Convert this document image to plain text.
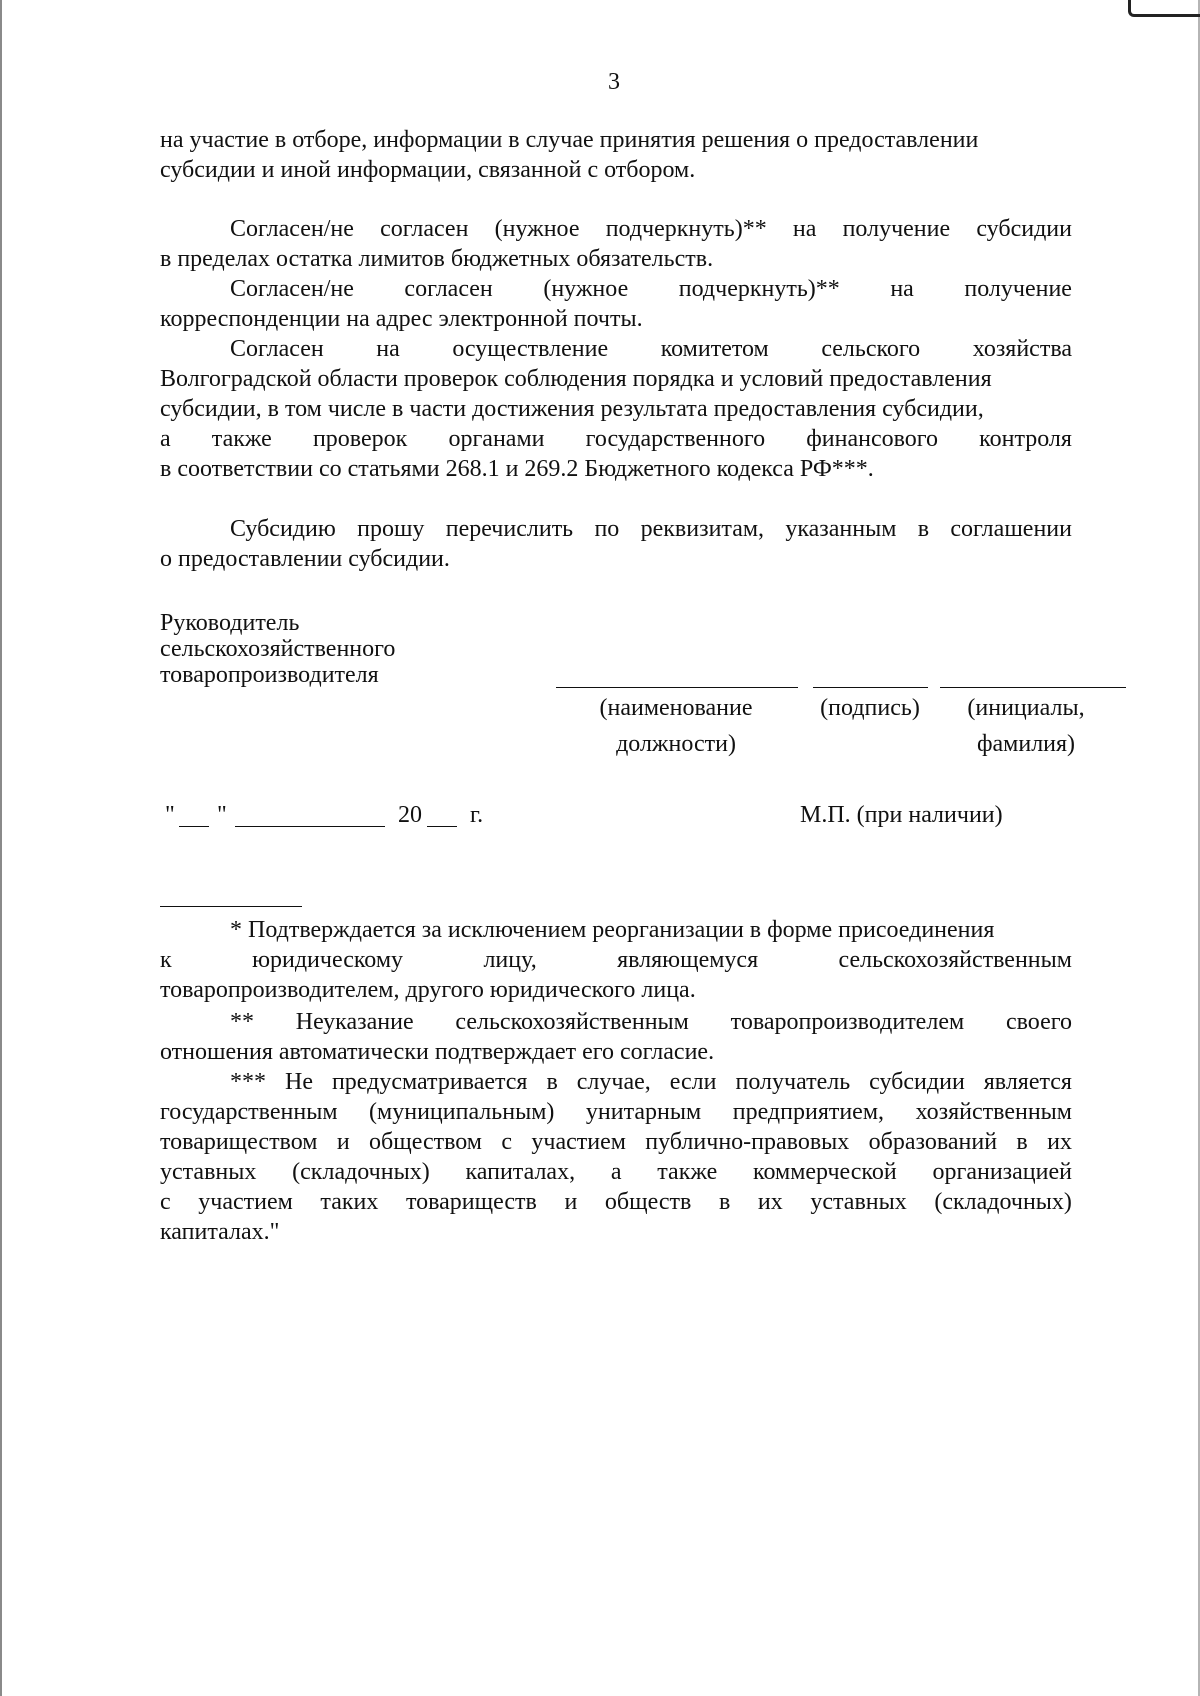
3
на участие в отборе, информации в случае принятия решения о предоставлении
субсидии и иной информации, связанной с отбором.
Согласен/не согласен (нужное подчеркнуть)** на получение субсидии
в пределах остатка лимитов бюджетных обязательств.
Согласен/не согласен (нужное подчеркнуть)** на получение
корреспонденции на адрес электронной почты.
Согласен на осуществление комитетом сельского хозяйства
Волгоградской области проверок соблюдения порядка и условий предоставления
субсидии, в том числе в части достижения результата предоставления субсидии,
а также проверок органами государственного финансового контроля
в соответствии со статьями 268.1 и 269.2 Бюджетного кодекса РФ***.
Субсидию прошу перечислить по реквизитам, указанным в соглашении
о предоставлении субсидии.
Руководитель
сельскохозяйственного
товаропроизводителя
(наименование
должности)
(подпись)	(инициалы,
фамилия)
" "	20 г.	М.П. (при наличии)
* Подтверждается за исключением реорганизации в форме присоединения
к	юридическому	лицу,	являющемуся	сельскохозяйственным
товаропроизводителем, другого юридического лица.
** Неуказание сельскохозяйственным товаропроизводителем своего
отношения автоматически подтверждает его согласие.
*** Не предусматривается в случае, если получатель субсидии является
государственным (муниципальным) унитарным предприятием, хозяйственным
товариществом и обществом с участием публично-правовых образований в их
уставных (складочных) капиталах, а также коммерческой организацией
с участием таких товариществ и обществ в их уставных (складочных)
капиталах."
